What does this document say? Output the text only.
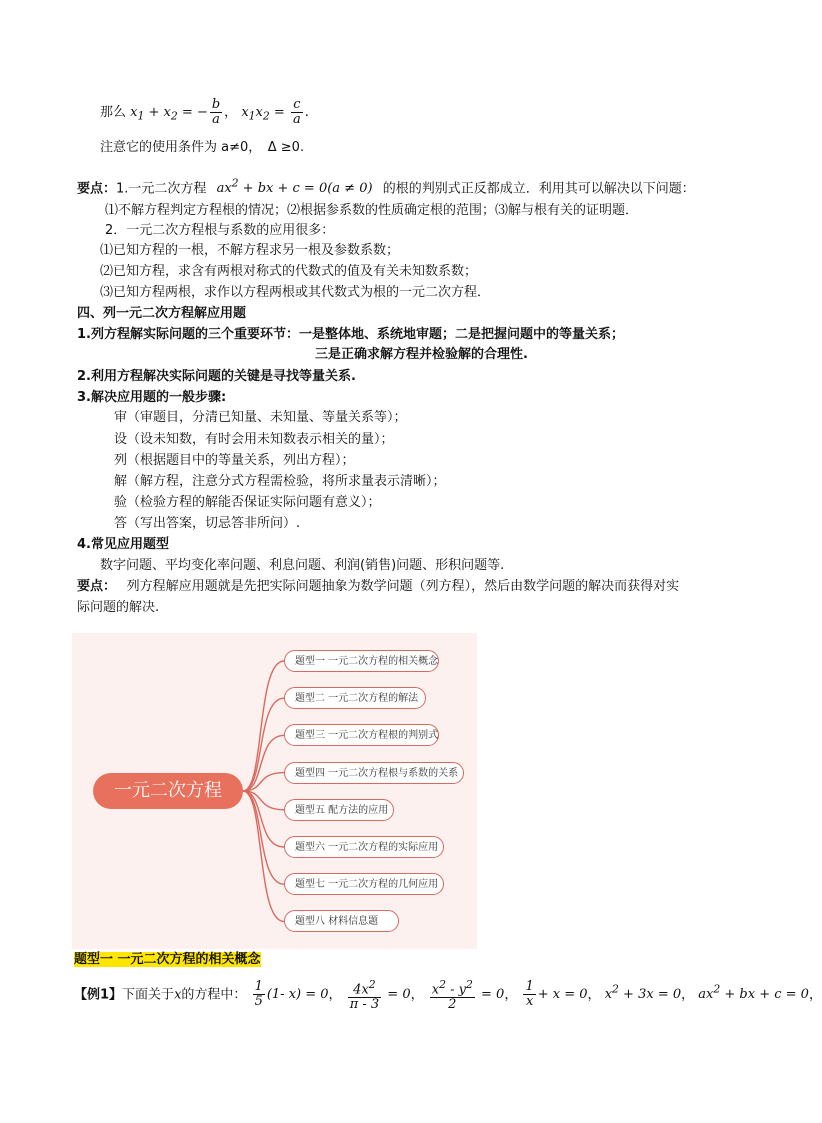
那么 $x_1 + x_2$ = − $\frac{b}{a}$ ， $x_1x_2 = \frac{c}{a}$ .
注意它的使用条件为 a≠0，　Δ ≥0.
要点：1.一元二次方程 $ax^2$ + bx + c = 0(a ≠ 0) 的根的判别式正反都成立．利用其可以解决以下问题：
⑴不解方程判定方程根的情况；⑵根据参系数的性质确定根的范围；⑶解与根有关的证明题．
2．一元二次方程根与系数的应用很多：
⑴已知方程的一根，不解方程求另一根及参数系数；
⑵已知方程，求含有两根对称式的代数式的值及有关未知数系数；
⑶已知方程两根，求作以方程两根或其代数式为根的一元二次方程．
四、列一元二次方程解应用题
1.列方程解实际问题的三个重要环节：一是整体地、系统地审题；二是把握问题中的等量关系；
三是正确求解方程并检验解的合理性.
2.利用方程解决实际问题的关键是寻找等量关系.
3.解决应用题的一般步骤:
审（审题目，分清已知量、未知量、等量关系等）；
设（设未知数，有时会用未知数表示相关的量）；
列（根据题目中的等量关系，列出方程）；
解（解方程，注意分式方程需检验，将所求量表示清晰）；
验（检验方程的解能否保证实际问题有意义）；
答（写出答案，切忌答非所问）.
4.常见应用题型
数字问题、平均变化率问题、利息问题、利润(销售)问题、形积问题等.
要点：　 列方程解应用题就是先把实际问题抽象为数学问题（列方程），然后由数学问题的解决而获得对实
际问题的解决.
一元二次方程
题型一 一元二次方程的相关概念
题型二 一元二次方程的解法
题型三 一元二次方程根的判别式
题型四 一元二次方程根与系数的关系
题型五 配方法的应用
题型六 一元二次方程的实际应用
题型七 一元二次方程的几何应用
题型八 材料信息题
题型一 一元二次方程的相关概念
【例1】下面关于x的方程中： $\frac{1}{5} (1-$ x) = 0， $\frac{4x^2}{\pi - 3} = 0$， $\frac{x^2 - y^2}{2} = 0$， $\frac{1}{x} + x = 0$， $x^2 + 3x = 0$， $ax^2$ + bx + c = 0，
